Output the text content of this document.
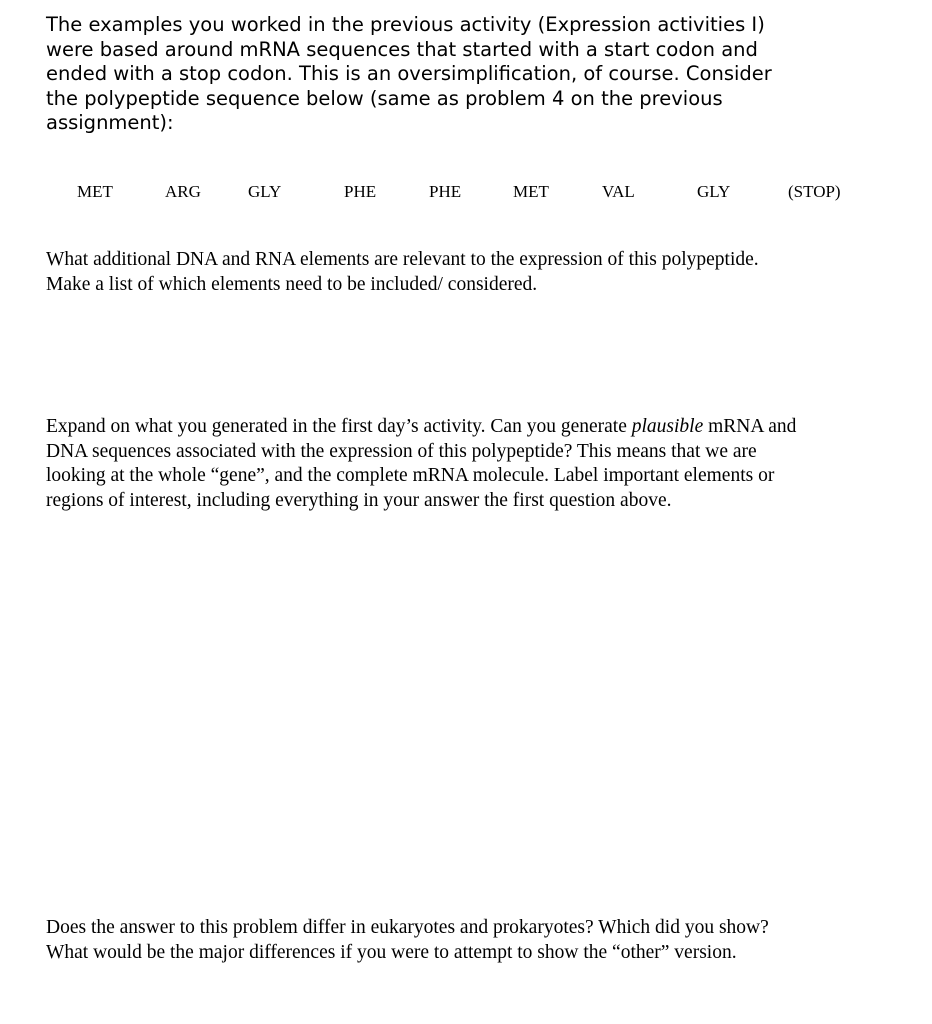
The examples you worked in the previous activity (Expression activities I)
were based around mRNA sequences that started with a start codon and
ended with a stop codon. This is an oversimplification, of course. Consider
the polypeptide sequence below (same as problem 4 on the previous
assignment):

MET	ARG	GLY	PHE	PHE	MET	VAL	GLY	(STOP)

What additional DNA and RNA elements are relevant to the expression of this polypeptide.
Make a list of which elements need to be included/ considered.

Expand on what you generated in the first day’s activity. Can you generate plausible mRNA and
DNA sequences associated with the expression of this polypeptide? This means that we are
looking at the whole “gene”, and the complete mRNA molecule. Label important elements or
regions of interest, including everything in your answer the first question above.

Does the answer to this problem differ in eukaryotes and prokaryotes? Which did you show?
What would be the major differences if you were to attempt to show the “other” version.
